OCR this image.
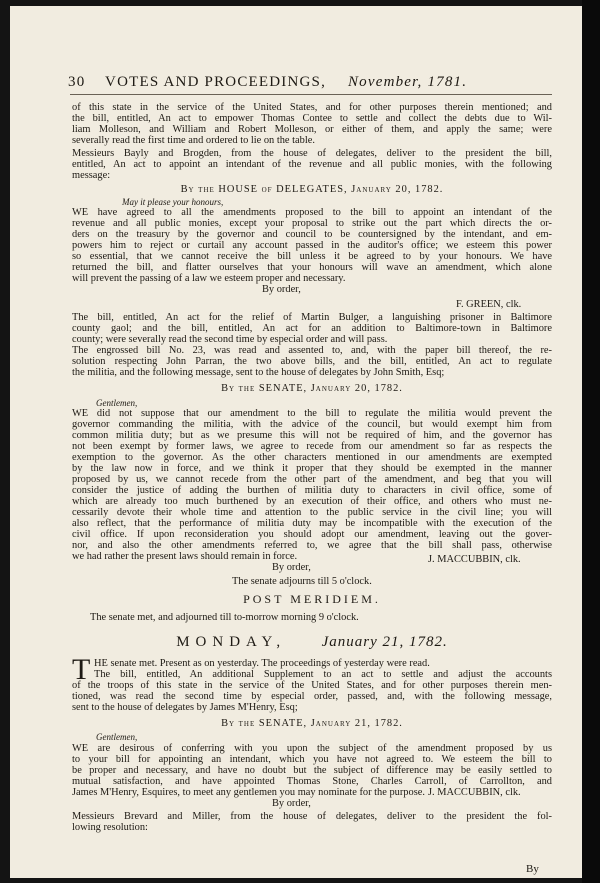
30 VOTES AND PROCEEDINGS, November, 1781.
of this state in the service of the United States, and for other purposes therein mentioned; and
the bill, entitled, An act to empower Thomas Contee to settle and collect the debts due to Wil-
liam Molleson, and William and Robert Molleson, or either of them, and apply the same; were
severally read the first time and ordered to lie on the table.
Messieurs Bayly and Brogden, from the house of delegates, deliver to the president the bill,
entitled, An act to appoint an intendant of the revenue and all public monies, with the following
message:
By the HOUSE of DELEGATES, January 20, 1782.
May it please your honours,
WE have agreed to all the amendments proposed to the bill to appoint an intendant of the
revenue and all public monies, except your proposal to strike out the part which directs the or-
ders on the treasury by the governor and council to be countersigned by the intendant, and em-
powers him to reject or curtail any account passed in the auditor's office; we esteem this power
so essential, that we cannot receive the bill unless it be agreed to by your honours. We have
returned the bill, and flatter ourselves that your honours will wave an amendment, which alone
will prevent the passing of a law we esteem proper and necessary.
By order,
F. GREEN, clk.
The bill, entitled, An act for the relief of Martin Bulger, a languishing prisoner in Baltimore
county gaol; and the bill, entitled, An act for an addition to Baltimore-town in Baltimore
county; were severally read the second time by especial order and will pass.
The engrossed bill No. 23, was read and assented to, and, with the paper bill thereof, the re-
solution respecting John Parran, the two above bills, and the bill, entitled, An act to regulate
the militia, and the following message, sent to the house of delegates by John Smith, Esq;
By the SENATE, January 20, 1782.
Gentlemen,
WE did not suppose that our amendment to the bill to regulate the militia would prevent the
governor commanding the militia, with the advice of the council, but would exempt him from
common militia duty; but as we presume this will not be required of him, and the governor has
not been exempt by former laws, we agree to recede from our amendment so far as respects the
exemption to the governor. As the other characters mentioned in our amendments are exempted
by the law now in force, and we think it proper that they should be exempted in the manner
proposed by us, we cannot recede from the other part of the amendment, and beg that you will
consider the justice of adding the burthen of militia duty to characters in civil office, some of
which are already too much burthened by an execution of their office, and others who must ne-
cessarily devote their whole time and attention to the public service in the civil line; you will
also reflect, that the performance of militia duty may be incompatible with the execution of the
civil office. If upon reconsideration you should adopt our amendment, leaving out the gover-
nor, and also the other amendments referred to, we agree that the bill shall pass, otherwise
we had rather the present laws should remain in force.
By order,
J. MACCUBBIN, clk.
The senate adjourns till 5 o'clock.
POST MERIDIEM.
The senate met, and adjourned till to-morrow morning 9 o'clock.
MONDAY, January 21, 1782.
T HE senate met. Present as on yesterday. The proceedings of yesterday were read.
The bill, entitled, An additional Supplement to an act to settle and adjust the accounts
of the troops of this state in the service of the United States, and for other purposes therein men-
tioned, was read the second time by especial order, passed, and, with the following message,
sent to the house of delegates by James M'Henry, Esq;
By the SENATE, January 21, 1782.
Gentlemen,
WE are desirous of conferring with you upon the subject of the amendment proposed by us
to your bill for appointing an intendant, which you have not agreed to. We esteem the bill to
be proper and necessary, and have no doubt but the subject of difference may be easily settled to
mutual satisfaction, and have appointed Thomas Stone, Charles Carroll, of Carrollton, and
James M'Henry, Esquires, to meet any gentlemen you may nominate for the purpose. J. MACCUBBIN, clk.
By order,
Messieurs Brevard and Miller, from the house of delegates, deliver to the president the fol-
lowing resolution:
By
